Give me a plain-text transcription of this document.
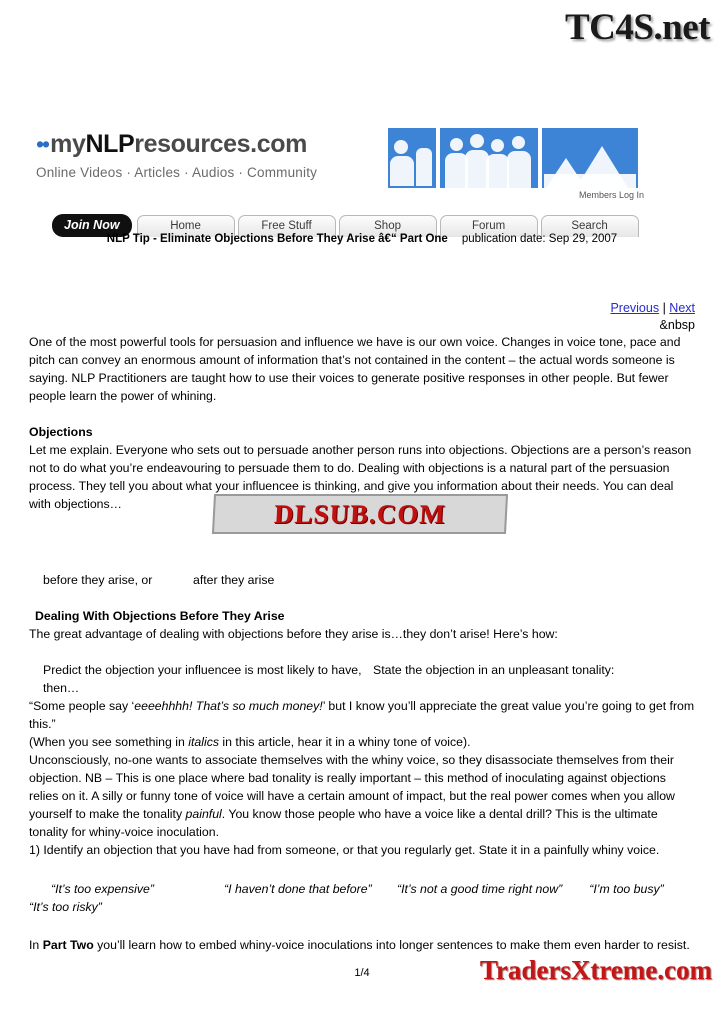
TC4S.net
••myNLPresources.com
Online Videos · Articles · Audios · Community
Members Log In
Join Now	Home	Free Stuff	Shop	Forum	Search
NLP Tip - Eliminate Objections Before They Arise â€“ Part One publication date: Sep 29, 2007
Previous | Next
&nbsp

One of the most powerful tools for persuasion and influence we have is our own voice. Changes in voice tone, pace and pitch can convey an enormous amount of information that’s not contained in the content – the actual words someone is saying. NLP Practitioners are taught how to use their voices to generate positive responses in other people. But fewer people learn the power of whining.

Objections

Let me explain. Everyone who sets out to persuade another person runs into objections. Objections are a person’s reason not to do what you’re endeavouring to persuade them to do. Dealing with objections is a natural part of the persuasion process. They tell you about what your influencee is thinking, and give you information about their needs. You can deal with objections…

before they arise, or	after they arise

Dealing With Objections Before They Arise

The great advantage of dealing with objections before they arise is…they don’t arise! Here’s how:

Predict the objection your influencee is most likely to have, then…
State the objection in an unpleasant tonality:

“Some people say ‘eeeehhhh! That’s so much money!’ but I know you’ll appreciate the great value you’re going to get from this.”

(When you see something in italics in this article, hear it in a whiny tone of voice).

Unconsciously, no-one wants to associate themselves with the whiny voice, so they disassociate themselves from their objection. NB – This is one place where bad tonality is really important – this method of inoculating against objections relies on it. A silly or funny tone of voice will have a certain amount of impact, but the real power comes when you allow yourself to make the tonality painful. You know those people who have a voice like a dental drill? This is the ultimate tonality for whiny-voice inoculation.

1) Identify an objection that you have had from someone, or that you regularly get. State it in a painfully whiny voice.

“It’s too expensive”	“I haven’t done that before”	“It’s not a good time right now”	“I’m too busy”

“It’s too risky”

In Part Two you’ll learn how to embed whiny-voice inoculations into longer sentences to make them even harder to resist.

DLSUB.COM
1/4	TradersXtreme.com
